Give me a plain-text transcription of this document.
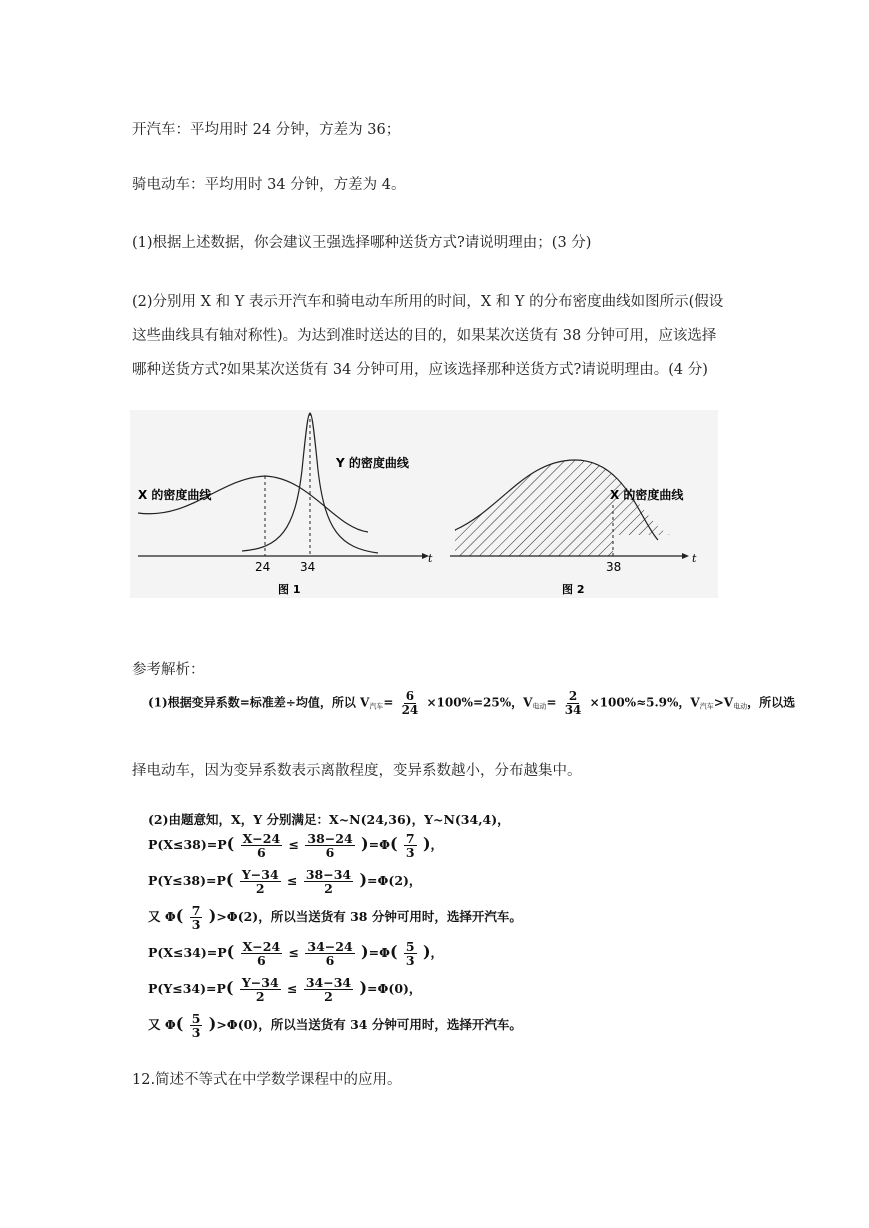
开汽车：平均用时 24 分钟，方差为 36；
骑电动车：平均用时 34 分钟，方差为 4。
(1)根据上述数据，你会建议王强选择哪种送货方式?请说明理由；(3 分)
(2)分别用 X 和 Y 表示开汽车和骑电动车所用的时间，X 和 Y 的分布密度曲线如图所示(假设
这些曲线具有轴对称性)。为达到准时送达的目的，如果某次送货有 38 分钟可用，应该选择
哪种送货方式?如果某次送货有 34 分钟可用，应该选择那种送货方式?请说明理由。(4 分)
t
24 34
Y 的密度曲线
X 的密度曲线
图 1
t
38
X 的密度曲线
图 2
参考解析：
(1)根据变异系数=标准差÷均值，所以 $V_{汽车}= \frac{6}{24} \times 100\%=25\%$，$V_{电动}= \frac{2}{34} \times 100\%\approx 5.9\%$，$V_{汽车}>V_{电动}$，所以选
择电动车，因为变异系数表示离散程度，变异系数越小，分布越集中。
(2)由题意知，X，Y 分别满足：X~N(24,36)，Y~N(34,4)，
$P(X\le 38)=P( \frac{X-24}{6} \le \frac{38-24}{6} )=\Phi( \frac{7}{3}$ )，
$P(Y\le 38)=P( \frac{Y-34}{2} \le \frac{38-34}{2} )=\Phi(2)$，
又 $\Phi( \frac{7}{3} )>\Phi(2)$，所以当送货有 38 分钟可用时，选择开汽车。
$P(X\le 34)=P( \frac{X-24}{6} \le \frac{34-24}{6} )=\Phi( \frac{5}{3}$ )，
$P(Y\le 34)=P( \frac{Y-34}{2} \le \frac{34-34}{2} )=\Phi(0)$，
又 $\Phi( \frac{5}{3} )>\Phi(0)$，所以当送货有 34 分钟可用时，选择开汽车。
12.简述不等式在中学数学课程中的应用。
